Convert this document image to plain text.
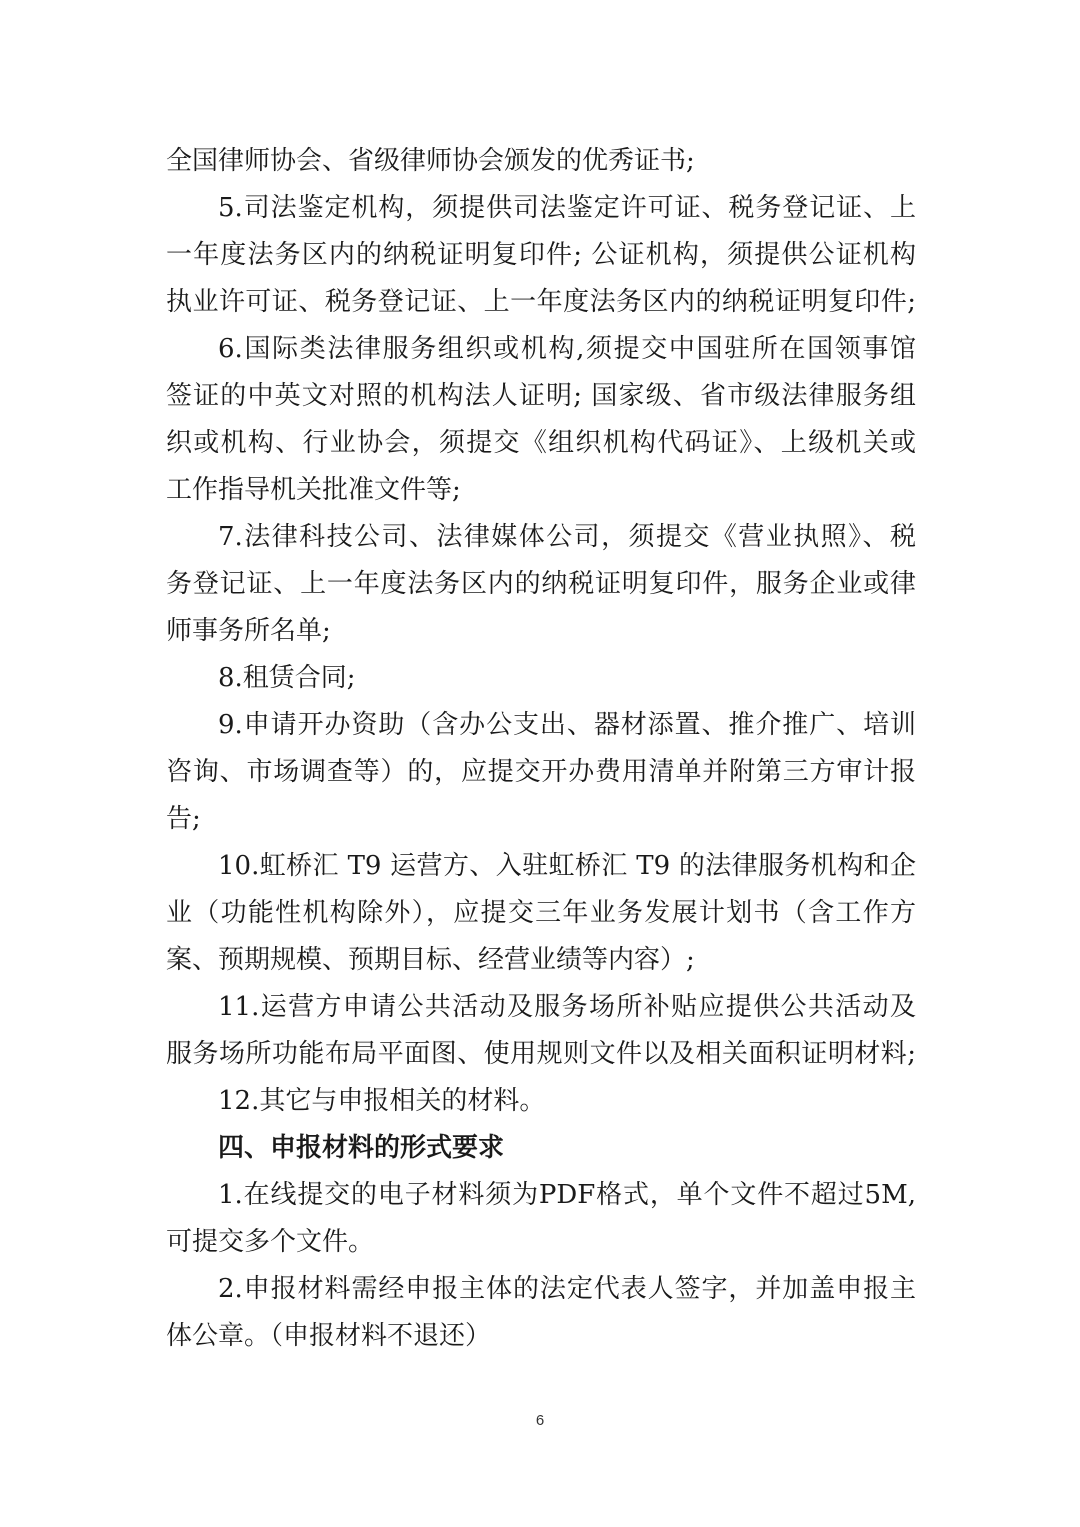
全国律师协会、省级律师协会颁发的优秀证书;
5.司法鉴定机构，须提供司法鉴定许可证、税务登记证、上
一年度法务区内的纳税证明复印件; 公证机构，须提供公证机构
执业许可证、税务登记证、上一年度法务区内的纳税证明复印件;
6.国际类法律服务组织或机构,须提交中国驻所在国领事馆
签证的中英文对照的机构法人证明; 国家级、省市级法律服务组
织或机构、行业协会，须提交《组织机构代码证》、上级机关或
工作指导机关批准文件等;
7.法律科技公司、法律媒体公司，须提交《营业执照》、税
务登记证、上一年度法务区内的纳税证明复印件，服务企业或律
师事务所名单;
8.租赁合同;
9.申请开办资助（含办公支出、器材添置、推介推广、培训
咨询、市场调查等）的，应提交开办费用清单并附第三方审计报
告;
10.虹桥汇 T9 运营方、入驻虹桥汇 T9 的法律服务机构和企
业（功能性机构除外），应提交三年业务发展计划书（含工作方
案、预期规模、预期目标、经营业绩等内容）;
11.运营方申请公共活动及服务场所补贴应提供公共活动及
服务场所功能布局平面图、使用规则文件以及相关面积证明材料;
12.其它与申报相关的材料。
四、申报材料的形式要求
1.在线提交的电子材料须为PDF格式，单个文件不超过5M,
可提交多个文件。
2.申报材料需经申报主体的法定代表人签字，并加盖申报主
体公章。（申报材料不退还）
6
